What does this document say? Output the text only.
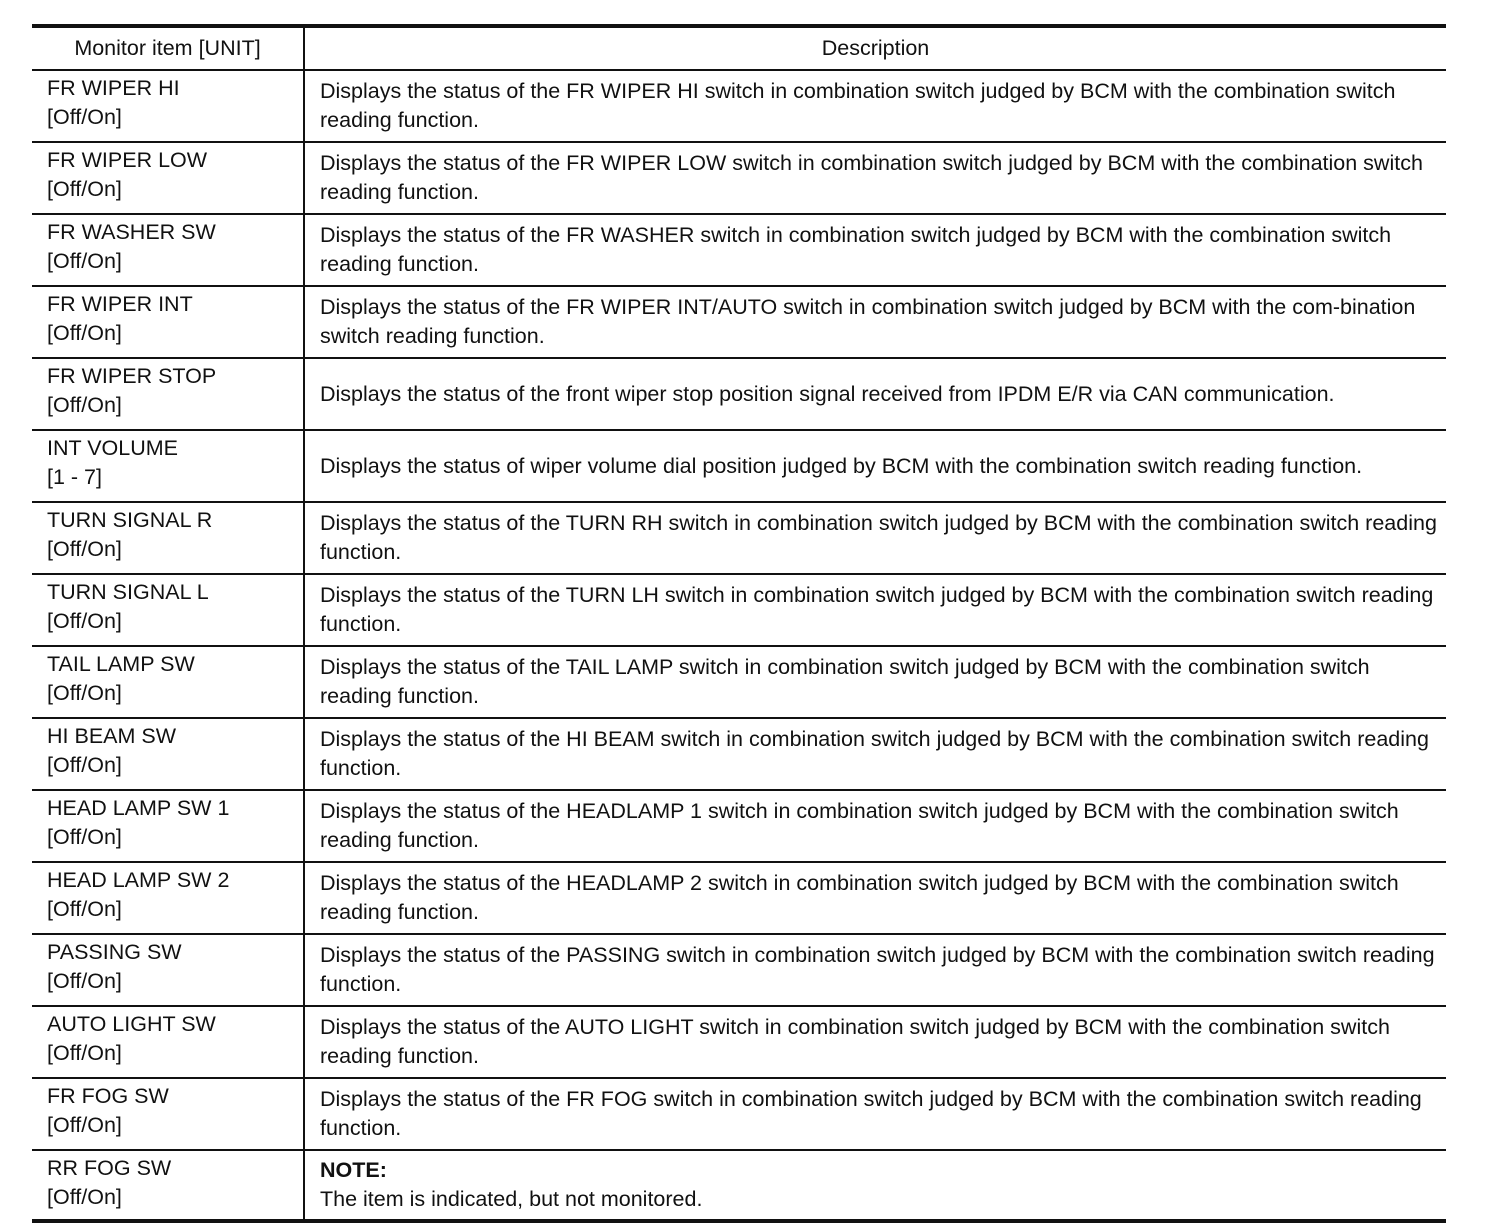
Monitor item [UNIT]	Description

FR WIPER HI
[Off/On]	Displays the status of the FR WIPER HI switch in combination switch judged by BCM with the combination switch reading function.

FR WIPER LOW
[Off/On]	Displays the status of the FR WIPER LOW switch in combination switch judged by BCM with the combination switch reading function.

FR WASHER SW
[Off/On]	Displays the status of the FR WASHER switch in combination switch judged by BCM with the combination switch reading function.

FR WIPER INT
[Off/On]	Displays the status of the FR WIPER INT/AUTO switch in combination switch judged by BCM with the com-bination switch reading function.

FR WIPER STOP
[Off/On]	Displays the status of the front wiper stop position signal received from IPDM E/R via CAN communication.

INT VOLUME
[1 - 7]	Displays the status of wiper volume dial position judged by BCM with the combination switch reading function.

TURN SIGNAL R
[Off/On]	Displays the status of the TURN RH switch in combination switch judged by BCM with the combination switch reading function.

TURN SIGNAL L
[Off/On]	Displays the status of the TURN LH switch in combination switch judged by BCM with the combination switch reading function.

TAIL LAMP SW
[Off/On]	Displays the status of the TAIL LAMP switch in combination switch judged by BCM with the combination switch reading function.

HI BEAM SW
[Off/On]	Displays the status of the HI BEAM switch in combination switch judged by BCM with the combination switch reading function.

HEAD LAMP SW 1
[Off/On]	Displays the status of the HEADLAMP 1 switch in combination switch judged by BCM with the combination switch reading function.

HEAD LAMP SW 2
[Off/On]	Displays the status of the HEADLAMP 2 switch in combination switch judged by BCM with the combination switch reading function.

PASSING SW
[Off/On]	Displays the status of the PASSING switch in combination switch judged by BCM with the combination switch reading function.

AUTO LIGHT SW
[Off/On]	Displays the status of the AUTO LIGHT switch in combination switch judged by BCM with the combination switch reading function.

FR FOG SW
[Off/On]	Displays the status of the FR FOG switch in combination switch judged by BCM with the combination switch reading function.

RR FOG SW
[Off/On]	NOTE:
The item is indicated, but not monitored.
